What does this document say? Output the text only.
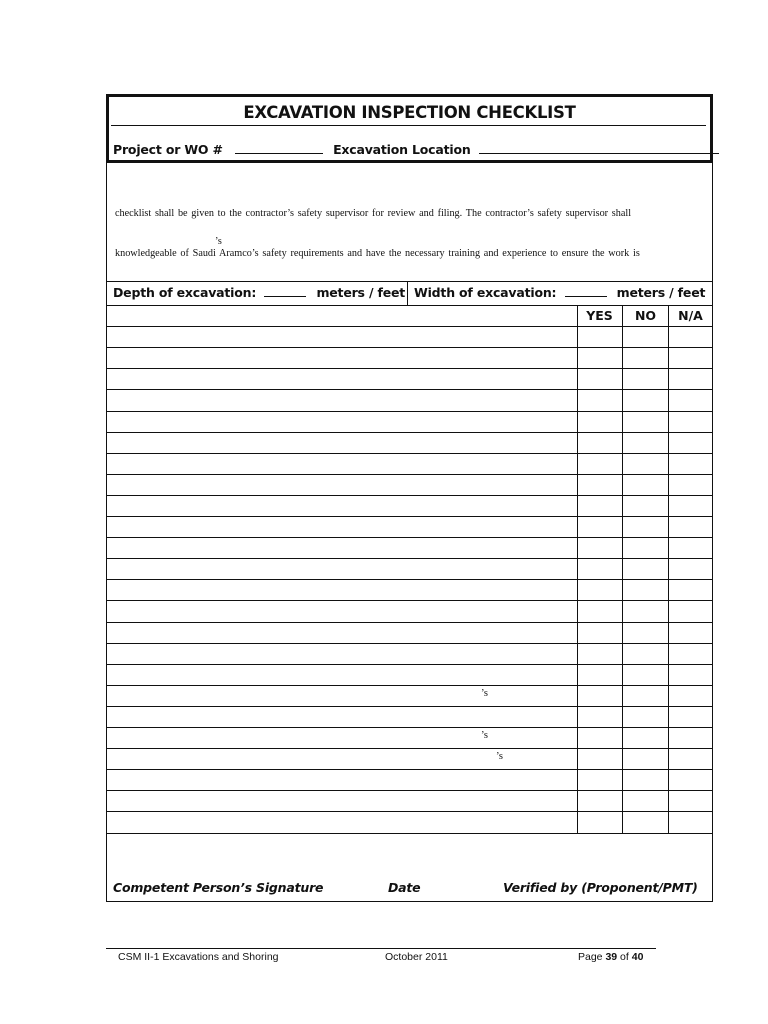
EXCAVATION INSPECTION CHECKLIST
Project or WO #	Excavation Location
checklist shall be given to the contractor’s safety supervisor for review and filing. The contractor’s safety supervisor shall
’s
knowledgeable of Saudi Aramco’s safety requirements and have the necessary training and experience to ensure the work is
Depth of excavation:	meters / feet Width of excavation:	meters / feet
YES	NO	N/A
’s
’s
’s
Competent Person’s Signature	Date	Verified by (Proponent/PMT)
CSM II-1 Excavations and Shoring	October 2011	Page 39 of 40
